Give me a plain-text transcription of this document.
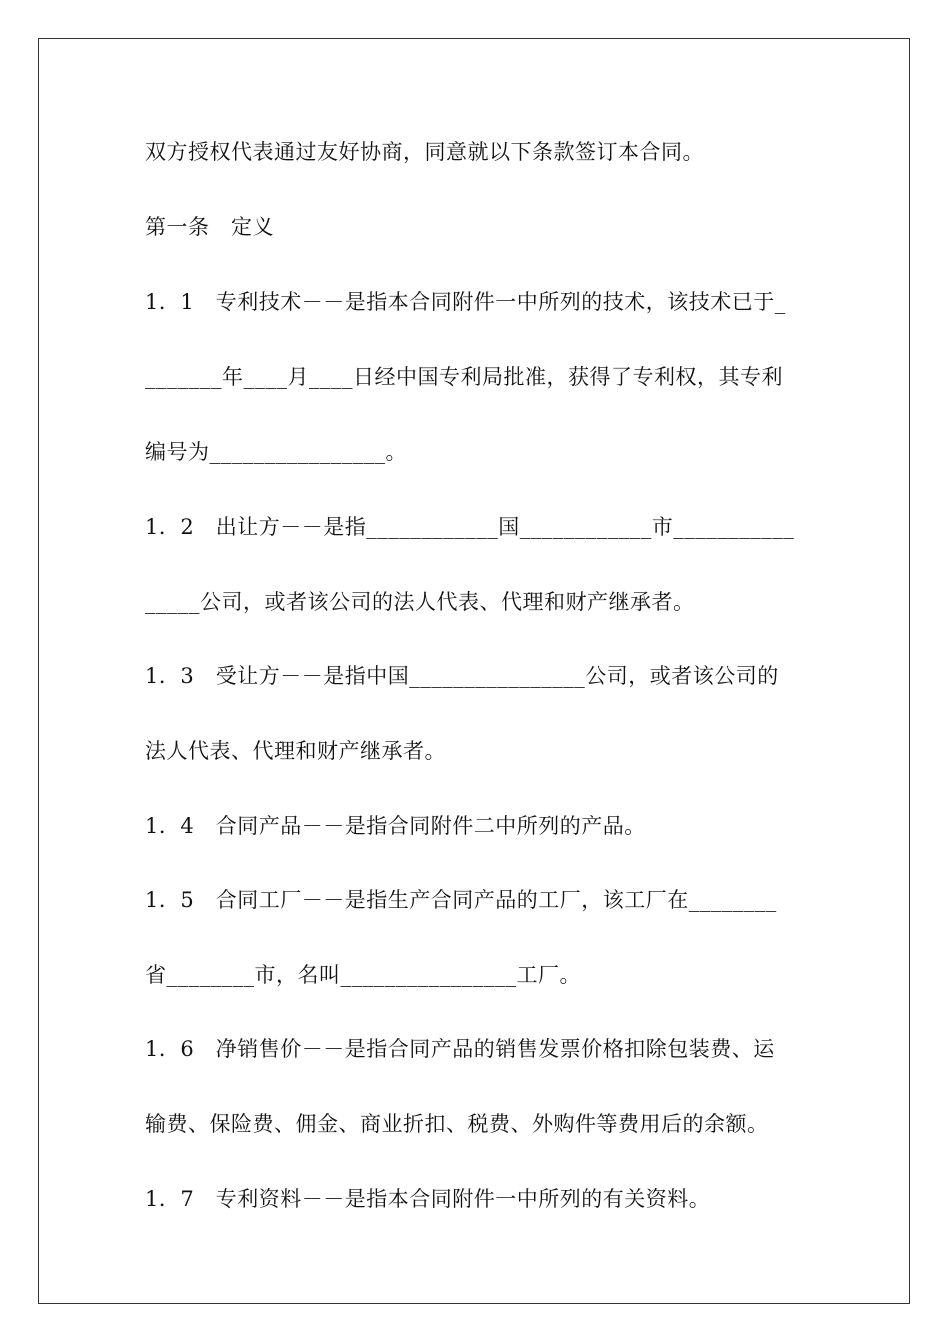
双方授权代表通过友好协商，同意就以下条款签订本合同。
第一条　定义
1．1　专利技术－－是指本合同附件一中所列的技术，该技术已于_
_______年____月____日经中国专利局批准，获得了专利权，其专利
编号为________________。
1．2　出让方－－是指____________国____________市___________
_____公司，或者该公司的法人代表、代理和财产继承者。
1．3　受让方－－是指中国________________公司，或者该公司的
法人代表、代理和财产继承者。
1．4　合同产品－－是指合同附件二中所列的产品。
1．5　合同工厂－－是指生产合同产品的工厂，该工厂在________
省________市，名叫________________工厂。
1．6　净销售价－－是指合同产品的销售发票价格扣除包装费、运
输费、保险费、佣金、商业折扣、税费、外购件等费用后的余额。
1．7　专利资料－－是指本合同附件一中所列的有关资料。
